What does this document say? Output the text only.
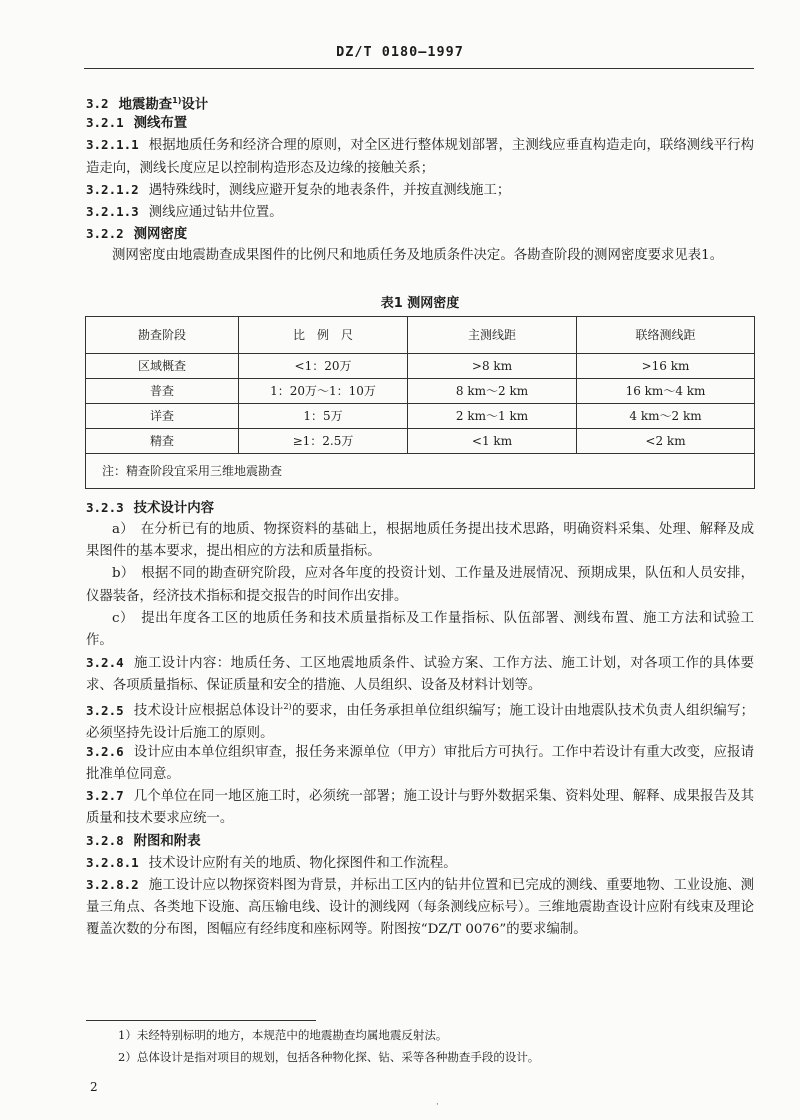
DZ/T 0180—1997
3.2 地震勘查$^{1)}$设计
3.2.1 测线布置
3.2.1.1 根据地质任务和经济合理的原则，对全区进行整体规划部署，主测线应垂直构造走向，联络测线平行构造走向，测线长度应足以控制构造形态及边缘的接触关系；
3.2.1.2 遇特殊线时，测线应避开复杂的地表条件，并按直测线施工；
3.2.1.3 测线应通过钻井位置。
3.2.2 测网密度
测网密度由地震勘查成果图件的比例尺和地质任务及地质条件决定。各勘查阶段的测网密度要求见表1。
表1 测网密度
勘查阶段	比　例　尺	主测线距	联络测线距
区域概查	<1：20万	>8 km	>16 km
普查	1：20万～1：10万	8 km～2 km	16 km～4 km
详查	1：5万	2 km～1 km	4 km～2 km
精查	≥1：2.5万	<1 km	<2 km
注：精查阶段宜采用三维地震勘查			
3.2.3 技术设计内容
a）　在分析已有的地质、物探资料的基础上，根据地质任务提出技术思路，明确资料采集、处理、解释及成果图件的基本要求，提出相应的方法和质量指标。
b）　根据不同的勘查研究阶段，应对各年度的投资计划、工作量及进展情况、预期成果，队伍和人员安排，仪器装备，经济技术指标和提交报告的时间作出安排。
c）　提出年度各工区的地质任务和技术质量指标及工作量指标、队伍部署、测线布置、施工方法和试验工作。
3.2.4 施工设计内容：地质任务、工区地震地质条件、试验方案、工作方法、施工计划，对各项工作的具体要求、各项质量指标、保证质量和安全的措施、人员组织、设备及材料计划等。
3.2.5 技术设计应根据总体设计$^{2)}$的要求，由任务承担单位组织编写；施工设计由地震队技术负责人组织编写；必须坚持先设计后施工的原则。
3.2.6 设计应由本单位组织审查，报任务来源单位（甲方）审批后方可执行。工作中若设计有重大改变，应报请批准单位同意。
3.2.7 几个单位在同一地区施工时，必须统一部署；施工设计与野外数据采集、资料处理、解释、成果报告及其质量和技术要求应统一。
3.2.8 附图和附表
3.2.8.1 技术设计应附有关的地质、物化探图件和工作流程。
3.2.8.2 施工设计应以物探资料图为背景，并标出工区内的钻井位置和已完成的测线、重要地物、工业设施、测量三角点、各类地下设施、高压输电线、设计的测线网（每条测线应标号）。三维地震勘查设计应附有线束及理论覆盖次数的分布图，图幅应有经纬度和座标网等。附图按“DZ/T 0076”的要求编制。
1）未经特别标明的地方，本规范中的地震勘查均属地震反射法。
2）总体设计是指对项目的规划，包括各种物化探、钻、采等各种勘查手段的设计。
2
·
